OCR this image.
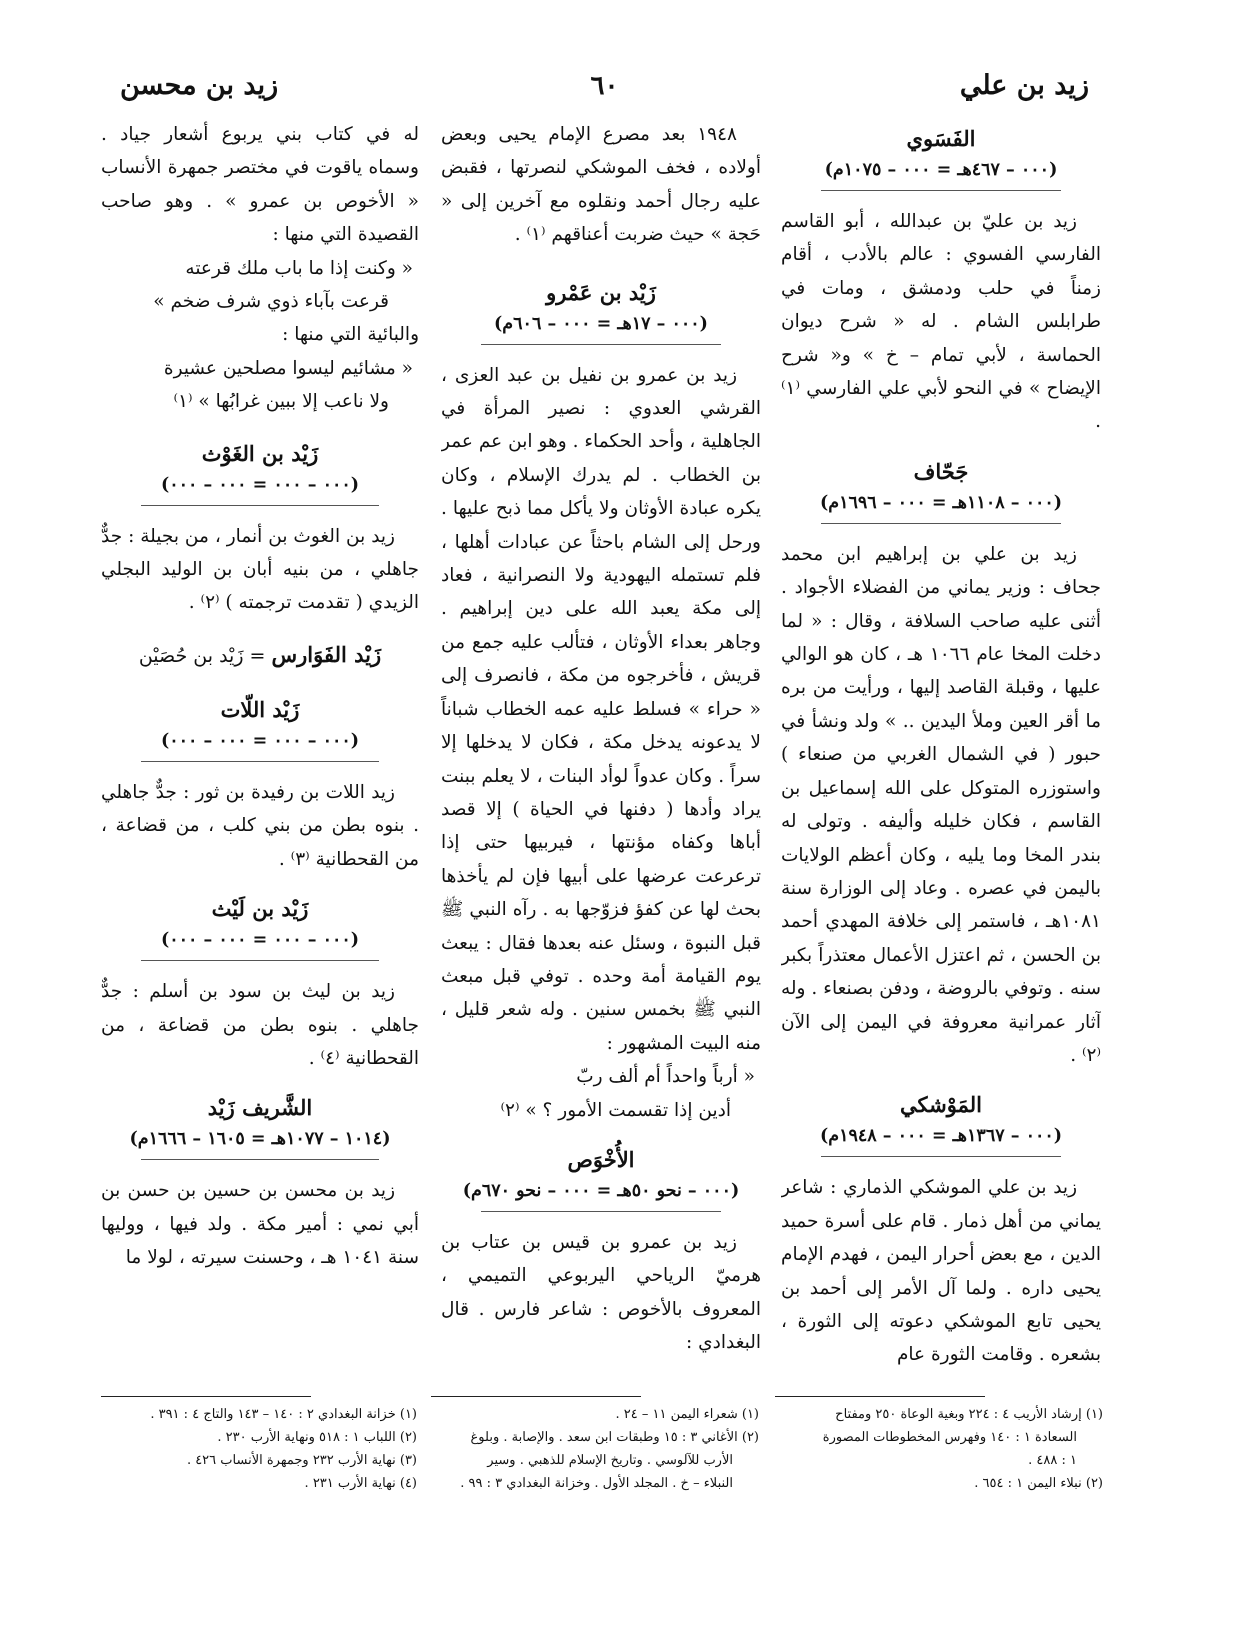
زيد بن علي
٦٠
زيد بن محسن
الفَسَوي
(٠٠٠ – ٤٦٧هـ = ٠٠٠ – ١٠٧٥م)

زيد بن عليّ بن عبدالله ، أبو القاسم الفارسي الفسوي : عالم بالأدب ، أقام زمناً في حلب ودمشق ، ومات في طرابلس الشام . له « شرح ديوان الحماسة ، لأبي تمام – خ » و« شرح الإيضاح » في النحو لأبي علي الفارسي ⁽١⁾ .

جَحّاف
(٠٠٠ – ١١٠٨هـ = ٠٠٠ – ١٦٩٦م)

زيد بن علي بن إبراهيم ابن محمد جحاف : وزير يماني من الفضلاء الأجواد . أثنى عليه صاحب السلافة ، وقال : « لما دخلت المخا عام ١٠٦٦ هـ ، كان هو الوالي عليها ، وقبلة القاصد إليها ، ورأيت من بره ما أقر العين وملأ اليدين .. » ولد ونشأ في حبور ( في الشمال الغربي من صنعاء ) واستوزره المتوكل على الله إسماعيل بن القاسم ، فكان خليله وأليفه . وتولى له بندر المخا وما يليه ، وكان أعظم الولايات باليمن في عصره . وعاد إلى الوزارة سنة ١٠٨١هـ ، فاستمر إلى خلافة المهدي أحمد بن الحسن ، ثم اعتزل الأعمال معتذراً بكبر سنه . وتوفي بالروضة ، ودفن بصنعاء . وله آثار عمرانية معروفة في اليمن إلى الآن ⁽٢⁾ .

المَوْشكي
(٠٠٠ – ١٣٦٧هـ = ٠٠٠ – ١٩٤٨م)

زيد بن علي الموشكي الذماري : شاعر يماني من أهل ذمار . قام على أسرة حميد الدين ، مع بعض أحرار اليمن ، فهدم الإمام يحيى داره . ولما آل الأمر إلى أحمد بن يحيى تابع الموشكي دعوته إلى الثورة ، بشعره . وقامت الثورة عام

١٩٤٨ بعد مصرع الإمام يحيى وبعض أولاده ، فخف الموشكي لنصرتها ، فقبض عليه رجال أحمد ونقلوه مع آخرين إلى « حَجة » حيث ضربت أعناقهم ⁽١⁾ .

زَيْد بن عَمْرو
(٠٠٠ – ١٧هـ = ٠٠٠ – ٦٠٦م)

زيد بن عمرو بن نفيل بن عبد العزى ، القرشي العدوي : نصير المرأة في الجاهلية ، وأحد الحكماء . وهو ابن عم عمر بن الخطاب . لم يدرك الإسلام ، وكان يكره عبادة الأوثان ولا يأكل مما ذبح عليها . ورحل إلى الشام باحثاً عن عبادات أهلها ، فلم تستمله اليهودية ولا النصرانية ، فعاد إلى مكة يعبد الله على دين إبراهيم . وجاهر بعداء الأوثان ، فتألب عليه جمع من قريش ، فأخرجوه من مكة ، فانصرف إلى « حراء » فسلط عليه عمه الخطاب شباناً لا يدعونه يدخل مكة ، فكان لا يدخلها إلا سراً . وكان عدواً لوأد البنات ، لا يعلم ببنت يراد وأدها ( دفنها في الحياة ) إلا قصد أباها وكفاه مؤنتها ، فيربيها حتى إذا ترعرعت عرضها على أبيها فإن لم يأخذها بحث لها عن كفؤ فزوّجها به . رآه النبي ﷺ قبل النبوة ، وسئل عنه بعدها فقال : يبعث يوم القيامة أمة وحده . توفي قبل مبعث النبي ﷺ بخمس سنين . وله شعر قليل ، منه البيت المشهور :

« أرباً واحداً أم ألف ربّ

أدين إذا تقسمت الأمور ؟ » ⁽٢⁾

الأُخْوَص
(٠٠٠ – نحو ٥٠هـ = ٠٠٠ – نحو ٦٧٠م)

زيد بن عمرو بن قيس بن عتاب بن هرميّ الرياحي اليربوعي التميمي ، المعروف بالأخوص : شاعر فارس . قال البغدادي :

له في كتاب بني يربوع أشعار جياد . وسماه ياقوت في مختصر جمهرة الأنساب « الأخوص بن عمرو » . وهو صاحب القصيدة التي منها :

« وكنت إذا ما باب ملك قرعته

قرعت بآباء ذوي شرف ضخم »

والبائية التي منها :

« مشائيم ليسوا مصلحين عشيرة

ولا ناعب إلا ببين غرابُها » ⁽١⁾

زَيْد بن الغَوْث
(٠٠٠ – ٠٠٠ = ٠٠٠ – ٠٠٠)

زيد بن الغوث بن أنمار ، من بجيلة : جدٌّ جاهلي ، من بنيه أبان بن الوليد البجلي الزيدي ( تقدمت ترجمته ) ⁽٢⁾ .

زَيْد الفَوَارس = زَيْد بن حُصَيْن
زَيْد اللّات
(٠٠٠ – ٠٠٠ = ٠٠٠ – ٠٠٠)

زيد اللات بن رفيدة بن ثور : جدٌّ جاهلي . بنوه بطن من بني كلب ، من قضاعة ، من القحطانية ⁽٣⁾ .

زَيْد بن لَيْث
(٠٠٠ – ٠٠٠ = ٠٠٠ – ٠٠٠)

زيد بن ليث بن سود بن أسلم : جدٌّ جاهلي . بنوه بطن من قضاعة ، من القحطانية ⁽٤⁾ .

الشَّريف زَيْد
(١٠١٤ – ١٠٧٧هـ = ١٦٠٥ – ١٦٦٦م)

زيد بن محسن بن حسين بن حسن بن أبي نمي : أمير مكة . ولد فيها ، ووليها سنة ١٠٤١ هـ ، وحسنت سيرته ، لولا ما

(١) إرشاد الأريب ٤ : ٢٢٤ وبغية الوعاة ٢٥٠ ومفتاح

السعادة ١ : ١٤٠ وفهرس المخطوطات المصورة

١ : ٤٨٨ .

(٢) نبلاء اليمن ١ : ٦٥٤ .

(١) شعراء اليمن ١١ – ٢٤ .

(٢) الأغاني ٣ : ١٥ وطبقات ابن سعد . والإصابة . وبلوغ

الأرب للآلوسي . وتاريخ الإسلام للذهبي . وسير

النبلاء – خ . المجلد الأول . وخزانة البغدادي ٣ : ٩٩ .

(١) خزانة البغدادي ٢ : ١٤٠ – ١٤٣ والتاج ٤ : ٣٩١ .

(٢) اللباب ١ : ٥١٨ ونهاية الأرب ٢٣٠ .

(٣) نهاية الأرب ٢٣٢ وجمهرة الأنساب ٤٢٦ .

(٤) نهاية الأرب ٢٣١ .
